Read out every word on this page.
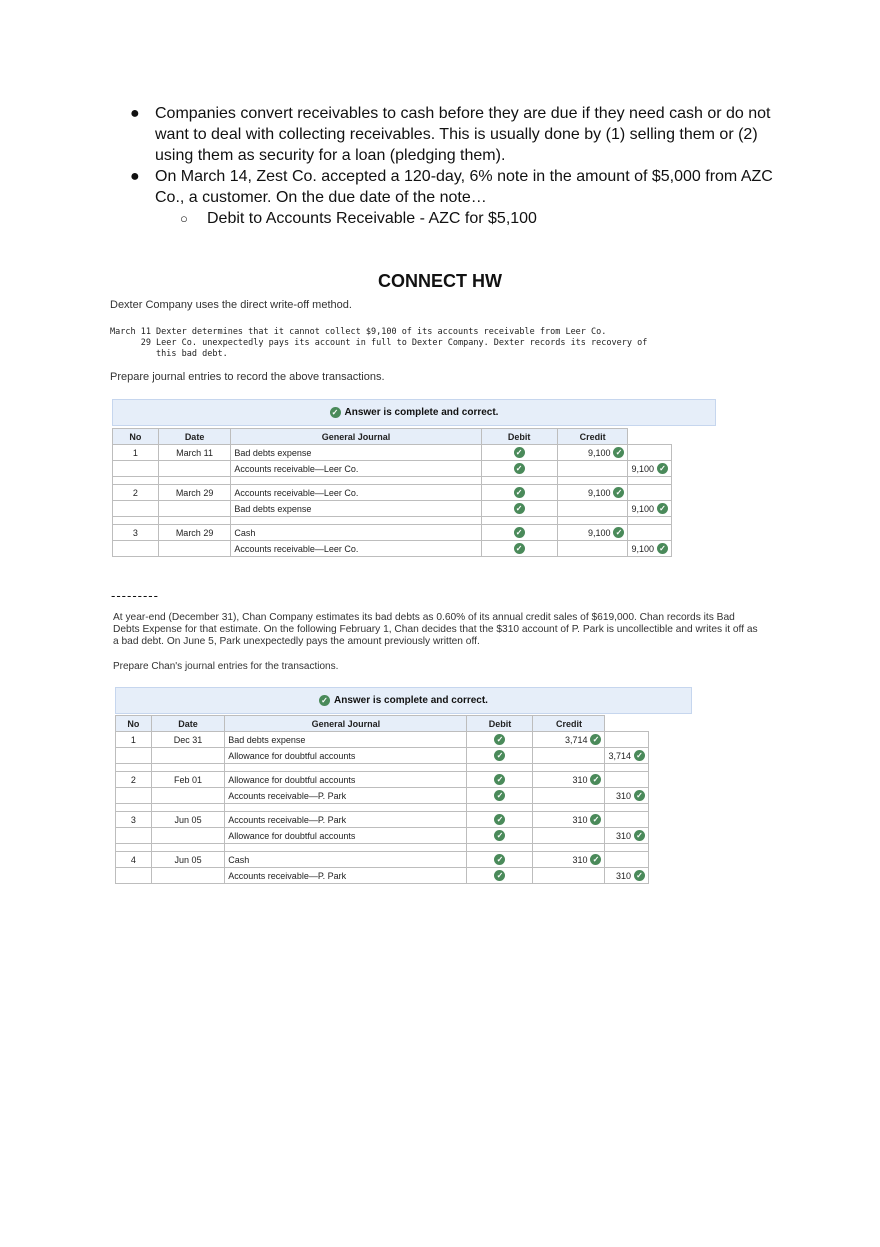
● Companies convert receivables to cash before they are due if they need cash or do not want to deal with collecting receivables. This is usually done by (1) selling them or (2) using them as security for a loan (pledging them).

● On March 14, Zest Co. accepted a 120-day, 6% note in the amount of $5,000 from AZC Co., a customer. On the due date of the note…

○ Debit to Accounts Receivable - AZC for $5,100

CONNECT HW
Dexter Company uses the direct write-off method.
March 11 Dexter determines that it cannot collect $9,100 of its accounts receivable from Leer Co.
29 Leer Co. unexpectedly pays its account in full to Dexter Company. Dexter records its recovery of
this bad debt.
Prepare journal entries to record the above transactions.
✓ Answer is complete and correct.
No	Date	General Journal	Debit	Credit	
1	March 11	Bad debts expense	✓	9,100 ✓	

		Accounts receivable—Leer Co.	✓		9,100 ✓

2	March 29	Accounts receivable—Leer Co.	✓	9,100 ✓	

		Bad debts expense	✓		9,100 ✓

3	March 29	Cash	✓	9,100 ✓	

		Accounts receivable—Leer Co.	✓		9,100 ✓
---------
At year-end (December 31), Chan Company estimates its bad debts as 0.60% of its annual credit sales of $619,000. Chan records its Bad Debts Expense for that estimate. On the following February 1, Chan decides that the $310 account of P. Park is uncollectible and writes it off as a bad debt. On June 5, Park unexpectedly pays the amount previously written off.
Prepare Chan's journal entries for the transactions.
✓ Answer is complete and correct.
No	Date	General Journal	Debit	Credit	
1	Dec 31	Bad debts expense	✓	3,714 ✓	

		Allowance for doubtful accounts	✓		3,714 ✓

2	Feb 01	Allowance for doubtful accounts	✓	310 ✓	

		Accounts receivable—P. Park	✓		310 ✓

3	Jun 05	Accounts receivable—P. Park	✓	310 ✓	

		Allowance for doubtful accounts	✓		310 ✓

4	Jun 05	Cash	✓	310 ✓	

		Accounts receivable—P. Park	✓		310 ✓
